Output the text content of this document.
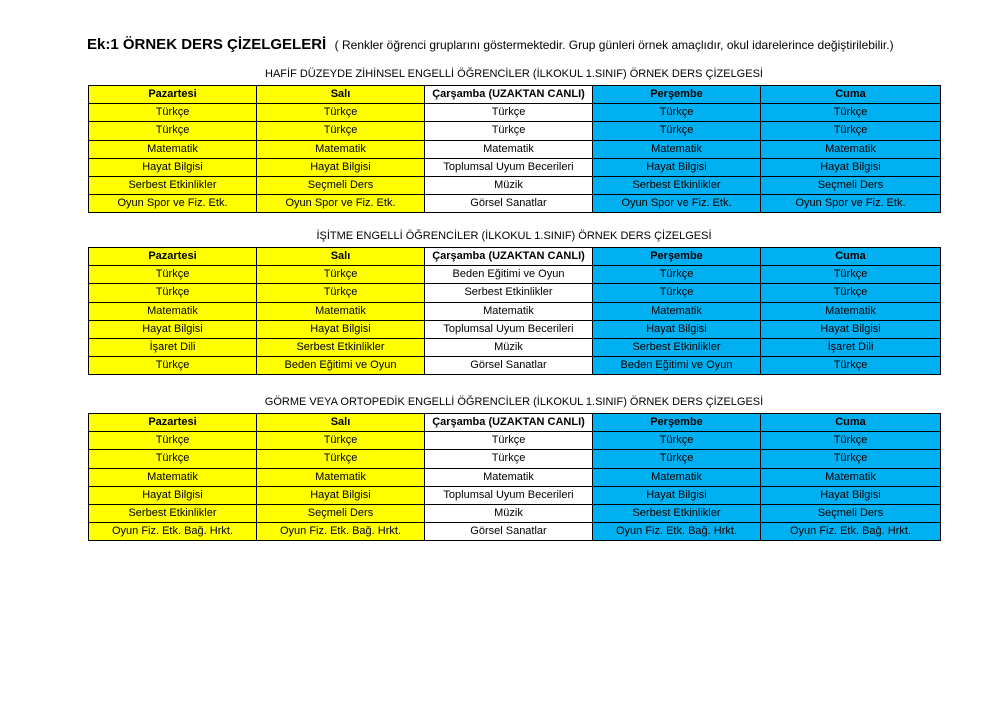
Ek:1 ÖRNEK DERS ÇİZELGELERİ ( Renkler öğrenci gruplarını göstermektedir. Grup günleri örnek amaçlıdır, okul idarelerince değiştirilebilir.)
HAFİF DÜZEYDE ZİHİNSEL ENGELLİ ÖĞRENCİLER (İLKOKUL 1.SINIF) ÖRNEK DERS ÇİZELGESİ
Pazartesi	Salı	Çarşamba (UZAKTAN CANLI)	Perşembe	Cuma
Türkçe	Türkçe	Türkçe	Türkçe	Türkçe
Türkçe	Türkçe	Türkçe	Türkçe	Türkçe
Matematik	Matematik	Matematik	Matematik	Matematik
Hayat Bilgisi	Hayat Bilgisi	Toplumsal Uyum Becerileri	Hayat Bilgisi	Hayat Bilgisi
Serbest Etkinlikler	Seçmeli Ders	Müzik	Serbest Etkinlikler	Seçmeli Ders
Oyun Spor ve Fiz. Etk.	Oyun Spor ve Fiz. Etk.	Görsel Sanatlar	Oyun Spor ve Fiz. Etk.	Oyun Spor ve Fiz. Etk.
İŞİTME ENGELLİ ÖĞRENCİLER (İLKOKUL 1.SINIF) ÖRNEK DERS ÇİZELGESİ
Pazartesi	Salı	Çarşamba (UZAKTAN CANLI)	Perşembe	Cuma
Türkçe	Türkçe	Beden Eğitimi ve Oyun	Türkçe	Türkçe
Türkçe	Türkçe	Serbest Etkinlikler	Türkçe	Türkçe
Matematik	Matematik	Matematik	Matematik	Matematik
Hayat Bilgisi	Hayat Bilgisi	Toplumsal Uyum Becerileri	Hayat Bilgisi	Hayat Bilgisi
İşaret Dili	Serbest Etkinlikler	Müzik	Serbest Etkinlikler	İşaret Dili
Türkçe	Beden Eğitimi ve Oyun	Görsel Sanatlar	Beden Eğitimi ve Oyun	Türkçe
GÖRME VEYA ORTOPEDİK ENGELLİ ÖĞRENCİLER (İLKOKUL 1.SINIF) ÖRNEK DERS ÇİZELGESİ
Pazartesi	Salı	Çarşamba (UZAKTAN CANLI)	Perşembe	Cuma
Türkçe	Türkçe	Türkçe	Türkçe	Türkçe
Türkçe	Türkçe	Türkçe	Türkçe	Türkçe
Matematik	Matematik	Matematik	Matematik	Matematik
Hayat Bilgisi	Hayat Bilgisi	Toplumsal Uyum Becerileri	Hayat Bilgisi	Hayat Bilgisi
Serbest Etkinlikler	Seçmeli Ders	Müzik	Serbest Etkinlikler	Seçmeli Ders
Oyun Fiz. Etk. Bağ. Hrkt.	Oyun Fiz. Etk. Bağ. Hrkt.	Görsel Sanatlar	Oyun Fiz. Etk. Bağ. Hrkt.	Oyun Fiz. Etk. Bağ. Hrkt.
